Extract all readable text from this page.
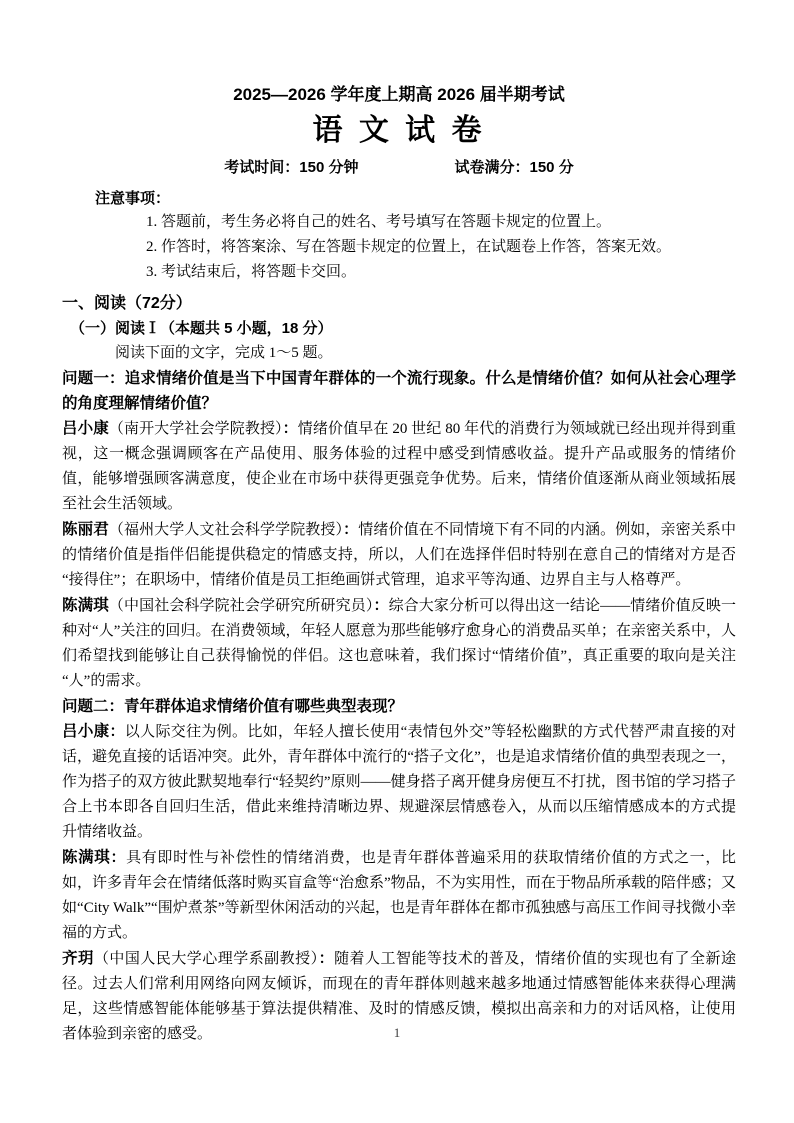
2025—2026 学年度上期高 2026 届半期考试
语 文 试 卷
考试时间：150 分钟	试卷满分：150 分
注意事项：
1. 答题前，考生务必将自己的姓名、考号填写在答题卡规定的位置上。
2. 作答时，将答案涂、写在答题卡规定的位置上，在试题卷上作答，答案无效。
3. 考试结束后，将答题卡交回。
一、阅读（72分）
（一）阅读Ⅰ（本题共 5 小题，18 分）
阅读下面的文字，完成 1～5 题。
问题一：追求情绪价值是当下中国青年群体的一个流行现象。什么是情绪价值？如何从社会心理学的角度理解情绪价值？

吕小康（南开大学社会学院教授）：情绪价值早在 20 世纪 80 年代的消费行为领域就已经出现并得到重视，这一概念强调顾客在产品使用、服务体验的过程中感受到情感收益。提升产品或服务的情绪价值，能够增强顾客满意度，使企业在市场中获得更强竞争优势。后来，情绪价值逐渐从商业领域拓展至社会生活领域。

陈丽君（福州大学人文社会科学学院教授）：情绪价值在不同情境下有不同的内涵。例如，亲密关系中的情绪价值是指伴侣能提供稳定的情感支持，所以，人们在选择伴侣时特别在意自己的情绪对方是否“接得住”；在职场中，情绪价值是员工拒绝画饼式管理，追求平等沟通、边界自主与人格尊严。

陈满琪（中国社会科学院社会学研究所研究员）：综合大家分析可以得出这一结论——情绪价值反映一种对“人”关注的回归。在消费领域，年轻人愿意为那些能够疗愈身心的消费品买单；在亲密关系中，人们希望找到能够让自己获得愉悦的伴侣。这也意味着，我们探讨“情绪价值”，真正重要的取向是关注“人”的需求。

问题二：青年群体追求情绪价值有哪些典型表现？

吕小康：以人际交往为例。比如，年轻人擅长使用“表情包外交”等轻松幽默的方式代替严肃直接的对话，避免直接的话语冲突。此外，青年群体中流行的“搭子文化”，也是追求情绪价值的典型表现之一，作为搭子的双方彼此默契地奉行“轻契约”原则——健身搭子离开健身房便互不打扰，图书馆的学习搭子合上书本即各自回归生活，借此来维持清晰边界、规避深层情感卷入，从而以压缩情感成本的方式提升情绪收益。

陈满琪：具有即时性与补偿性的情绪消费，也是青年群体普遍采用的获取情绪价值的方式之一，比如，许多青年会在情绪低落时购买盲盒等“治愈系”物品，不为实用性，而在于物品所承载的陪伴感；又如“City Walk”“围炉煮茶”等新型休闲活动的兴起，也是青年群体在都市孤独感与高压工作间寻找微小幸福的方式。

齐玥（中国人民大学心理学系副教授）：随着人工智能等技术的普及，情绪价值的实现也有了全新途径。过去人们常利用网络向网友倾诉，而现在的青年群体则越来越多地通过情感智能体来获得心理满足，这些情感智能体能够基于算法提供精准、及时的情感反馈，模拟出高亲和力的对话风格，让使用者体验到亲密的感受。	1
